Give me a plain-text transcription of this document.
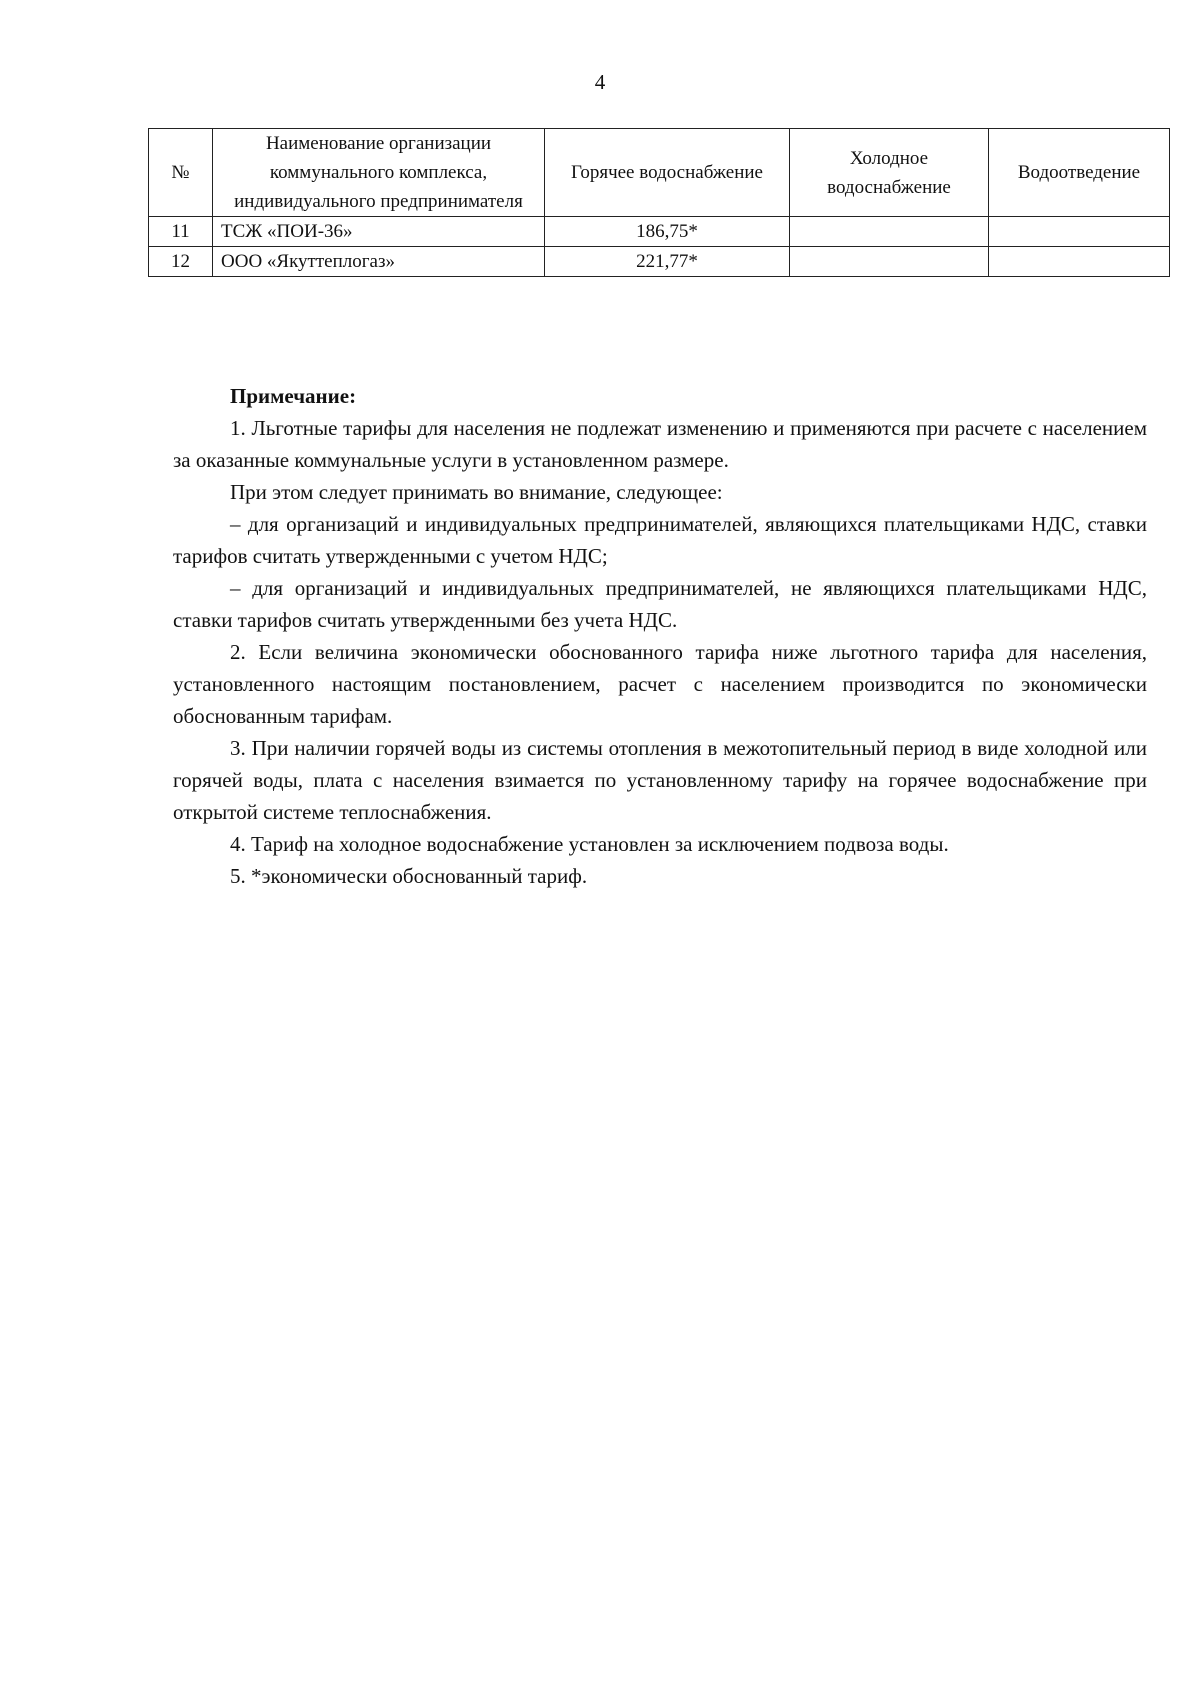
4
№	Наименование организации коммунального комплекса, индивидуального предпринимателя	Горячее водоснабжение	Холодное водоснабжение	Водоотведение
11	ТСЖ «ПОИ-36»	186,75*		
12	ООО «Якуттеплогаз»	221,77*		

Примечание:

1. Льготные тарифы для населения не подлежат изменению и применяются при расчете с населением за оказанные коммунальные услуги в установленном размере.

При этом следует принимать во внимание, следующее:

– для организаций и индивидуальных предпринимателей, являющихся плательщиками НДС, ставки тарифов считать утвержденными с учетом НДС;

– для организаций и индивидуальных предпринимателей, не являющихся плательщиками НДС, ставки тарифов считать утвержденными без учета НДС.

2. Если величина экономически обоснованного тарифа ниже льготного тарифа для населения, установленного настоящим постановлением, расчет с населением производится по экономически обоснованным тарифам.

3. При наличии горячей воды из системы отопления в межотопительный период в виде холодной или горячей воды, плата с населения взимается по установленному тарифу на горячее водоснабжение при открытой системе теплоснабжения.

4. Тариф на холодное водоснабжение установлен за исключением подвоза воды.

5. *экономически обоснованный тариф.
